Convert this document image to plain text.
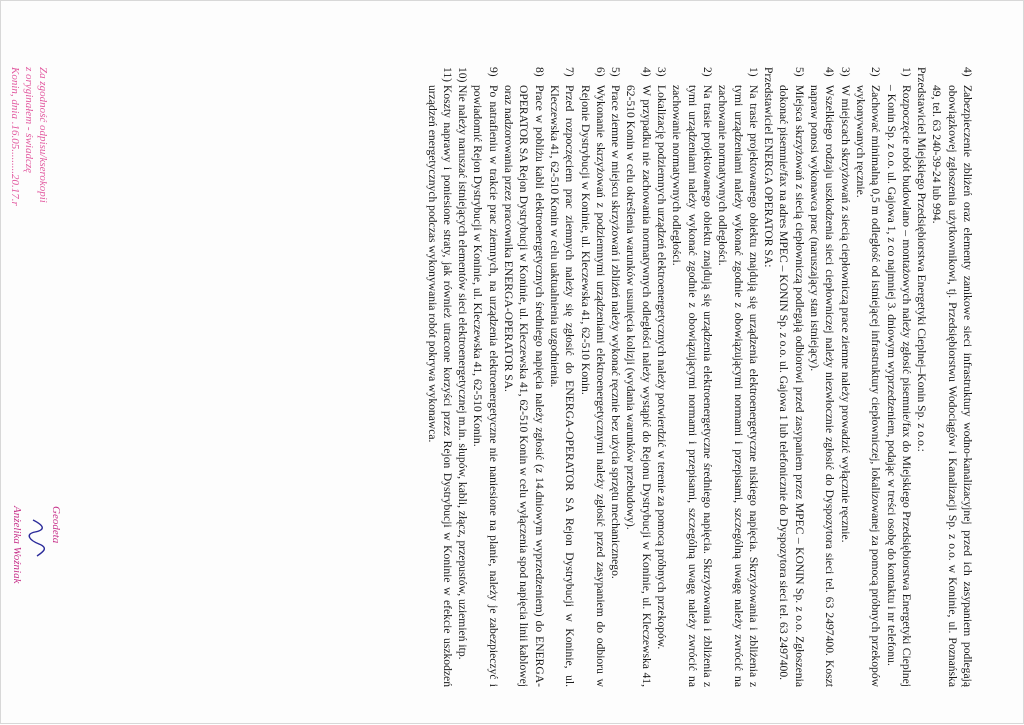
4)
Zabezpieczenie zbliżeń oraz elementy zanikowe sieci infrastruktury wodno-kanalizacyjnej przed ich zasypaniem podlegają obowiązkowej zgłoszenia użytkownikowi, tj. Przedsiębiorstwu Wodociągów i Kanalizacji Sp. z o.o. w Koninie, ul. Poznańska 49, tel. 63 240-39-24 lub 994.

Przedstawiciel Miejskiego Przedsiębiorstwa Energetyki Cieplnej–Konin Sp. z o.o.:

1)
Rozpoczęcie robót budowlano – montażowych należy zgłosić pisemnie/fax do Miejskiego Przedsiębiorstwa Energetyki Cieplnej – Konin Sp. z o.o. ul. Gajowa 1, z co najmniej 3. dniowym wyprzedzeniem, podając w treści osobę do kontaktu i nr telefonu.
2)
Zachować minimalną 0,5 m odległość od istniejącej infrastruktury ciepłowniczej, lokalizowanej za pomocą próbnych przekopów wykonywanych ręcznie.
3)
W miejscach skrzyżowań z siecią ciepłowniczą prace ziemne należy prowadzić wyłącznie ręcznie.
4)
Wszelkiego rodzaju uszkodzenia sieci ciepłowniczej należy niezwłocznie zgłosić do Dyspozytora sieci tel. 63 2497400. Koszt napraw ponosi wykonawca prac (naruszający stan istniejący).
5)
Miejsca skrzyżowań z siecią ciepłowniczą podlegają odbiorowi przed zasypaniem przez MPEC – KONIN Sp. z o.o. Zgłoszenia dokonać pisemnie/fax na adres MPEC – KONIN Sp. z o.o. ul. Gajowa 1 lub telefonicznie do Dyspozytora sieci tel. 63 2497400.

Przedstawiciel ENERGA OPERATOR SA:

1)
Na trasie projektowanego obiektu znajdują się urządzenia elektroenergetyczne niskiego napięcia. Skrzyżowania i zbliżenia z tymi urządzeniami należy wykonać zgodnie z obowiązującymi normami i przepisami, szczególną uwagę należy zwrócić na zachowanie normatywnych odległości.
2)
Na trasie projektowanego obiektu znajdują się urządzenia elektroenergetyczne średniego napięcia. Skrzyżowania i zbliżenia z tymi urządzeniami należy wykonać zgodnie z obowiązującymi normami i przepisami, szczególną uwagę należy zwrócić na zachowanie normatywnych odległości.
3)
Lokalizację podziemnych urządzeń elektroenergetycznych należy potwierdzić w terenie za pomocą próbnych przekopów.
4)
W przypadku nie zachowania normatywnych odległości należy wystąpić do Rejonu Dystrybucji w Koninie, ul. Kleczewska 41, 62-510 Konin w celu określenia warunków usunięcia kolizji (wydania warunków przebudowy).
5)
Prace ziemne w miejscu skrzyżowań i zbliżeń należy wykonać ręcznie bez użycia sprzętu mechanicznego.
6)
Wykonanie skrzyżowań z podziemnymi urządzeniami elektroenergetycznymi należy zgłosić przed zasypaniem do odbioru w Rejonie Dystrybucji w Koninie, ul. Kleczewska 41, 62-510 Konin.
7)
Przed rozpoczęciem prac ziemnych należy się zgłosić do ENERGA-OPERATOR SA Rejon Dystrybucji w Koninie, ul. Kleczewska 41, 62-510 Konin w celu uaktualnienia uzgodnienia.
8)
Prace w pobliżu kabli elektroenergetycznych średniego napięcia należy zgłosić (z 14.dniowym wyprzedzeniem) do ENERGA-OPERATOR SA Rejon Dystrybucji w Koninie, ul. Kleczewska 41, 62-510 Konin w celu wyłączenia spod napięcia linii kablowej oraz nadzorowania przez pracownika ENERGA-OPERATOR SA.
9)
Po natrafieniu w trakcie prac ziemnych, na urządzenia elektroenergetyczne nie naniesione na planie, należy je zabezpieczyć i powiadomić Rejon Dystrybucji w Koninie, ul. Kleczewska 41, 62-510 Konin.
10)
Nie należy naruszać istniejących elementów sieci elektroenergetycznej m.in. słupów, kabli, złącz, przepustów, uziemień itp.
11)
Koszty naprawy i poniesione straty, jak również utracone korzyści przez Rejon Dystrybucji w Koninie w efekcie uszkodzeń urządzeń energetycznych podczas wykonywania robót pokrywa wykonawca.
Za zgodność odpisu/kserokopii
z oryginałem - świadczę
Konin, dnia .16.05.........20.17.r
Geodeta
Anżelika Woźniak
